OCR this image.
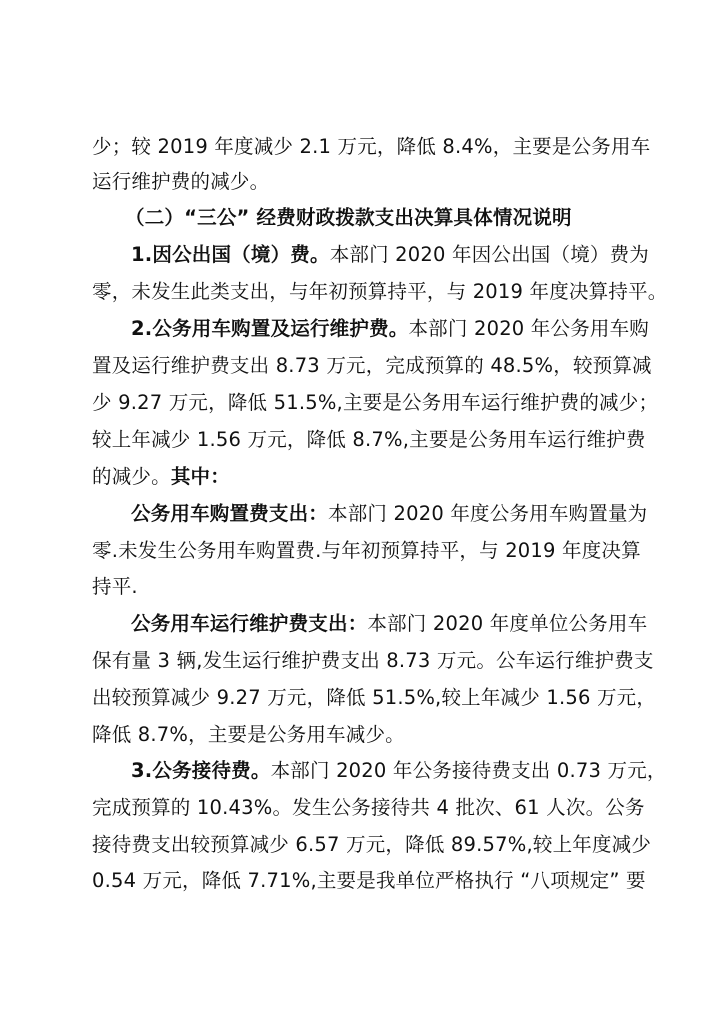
少；较 2019 年度减少 2.1 万元，降低 8.4%，主要是公务用车
运行维护费的减少。
（二）“三公” 经费财政拨款支出决算具体情况说明
1.因公出国（境）费。本部门 2020 年因公出国（境）费为
零，未发生此类支出，与年初预算持平，与 2019 年度决算持平。
2.公务用车购置及运行维护费。本部门 2020 年公务用车购
置及运行维护费支出 8.73 万元，完成预算的 48.5%，较预算减
少 9.27 万元，降低 51.5%,主要是公务用车运行维护费的减少；
较上年减少 1.56 万元，降低 8.7%,主要是公务用车运行维护费
的减少。其中：
公务用车购置费支出：本部门 2020 年度公务用车购置量为
零.未发生公务用车购置费.与年初预算持平，与 2019 年度决算
持平.
公务用车运行维护费支出：本部门 2020 年度单位公务用车
保有量 3 辆,发生运行维护费支出 8.73 万元。公车运行维护费支
出较预算减少 9.27 万元，降低 51.5%,较上年减少 1.56 万元，
降低 8.7%，主要是公务用车减少。
3.公务接待费。本部门 2020 年公务接待费支出 0.73 万元，
完成预算的 10.43%。发生公务接待共 4 批次、61 人次。公务
接待费支出较预算减少 6.57 万元，降低 89.57%,较上年度减少
0.54 万元，降低 7.71%,主要是我单位严格执行 “八项规定” 要
